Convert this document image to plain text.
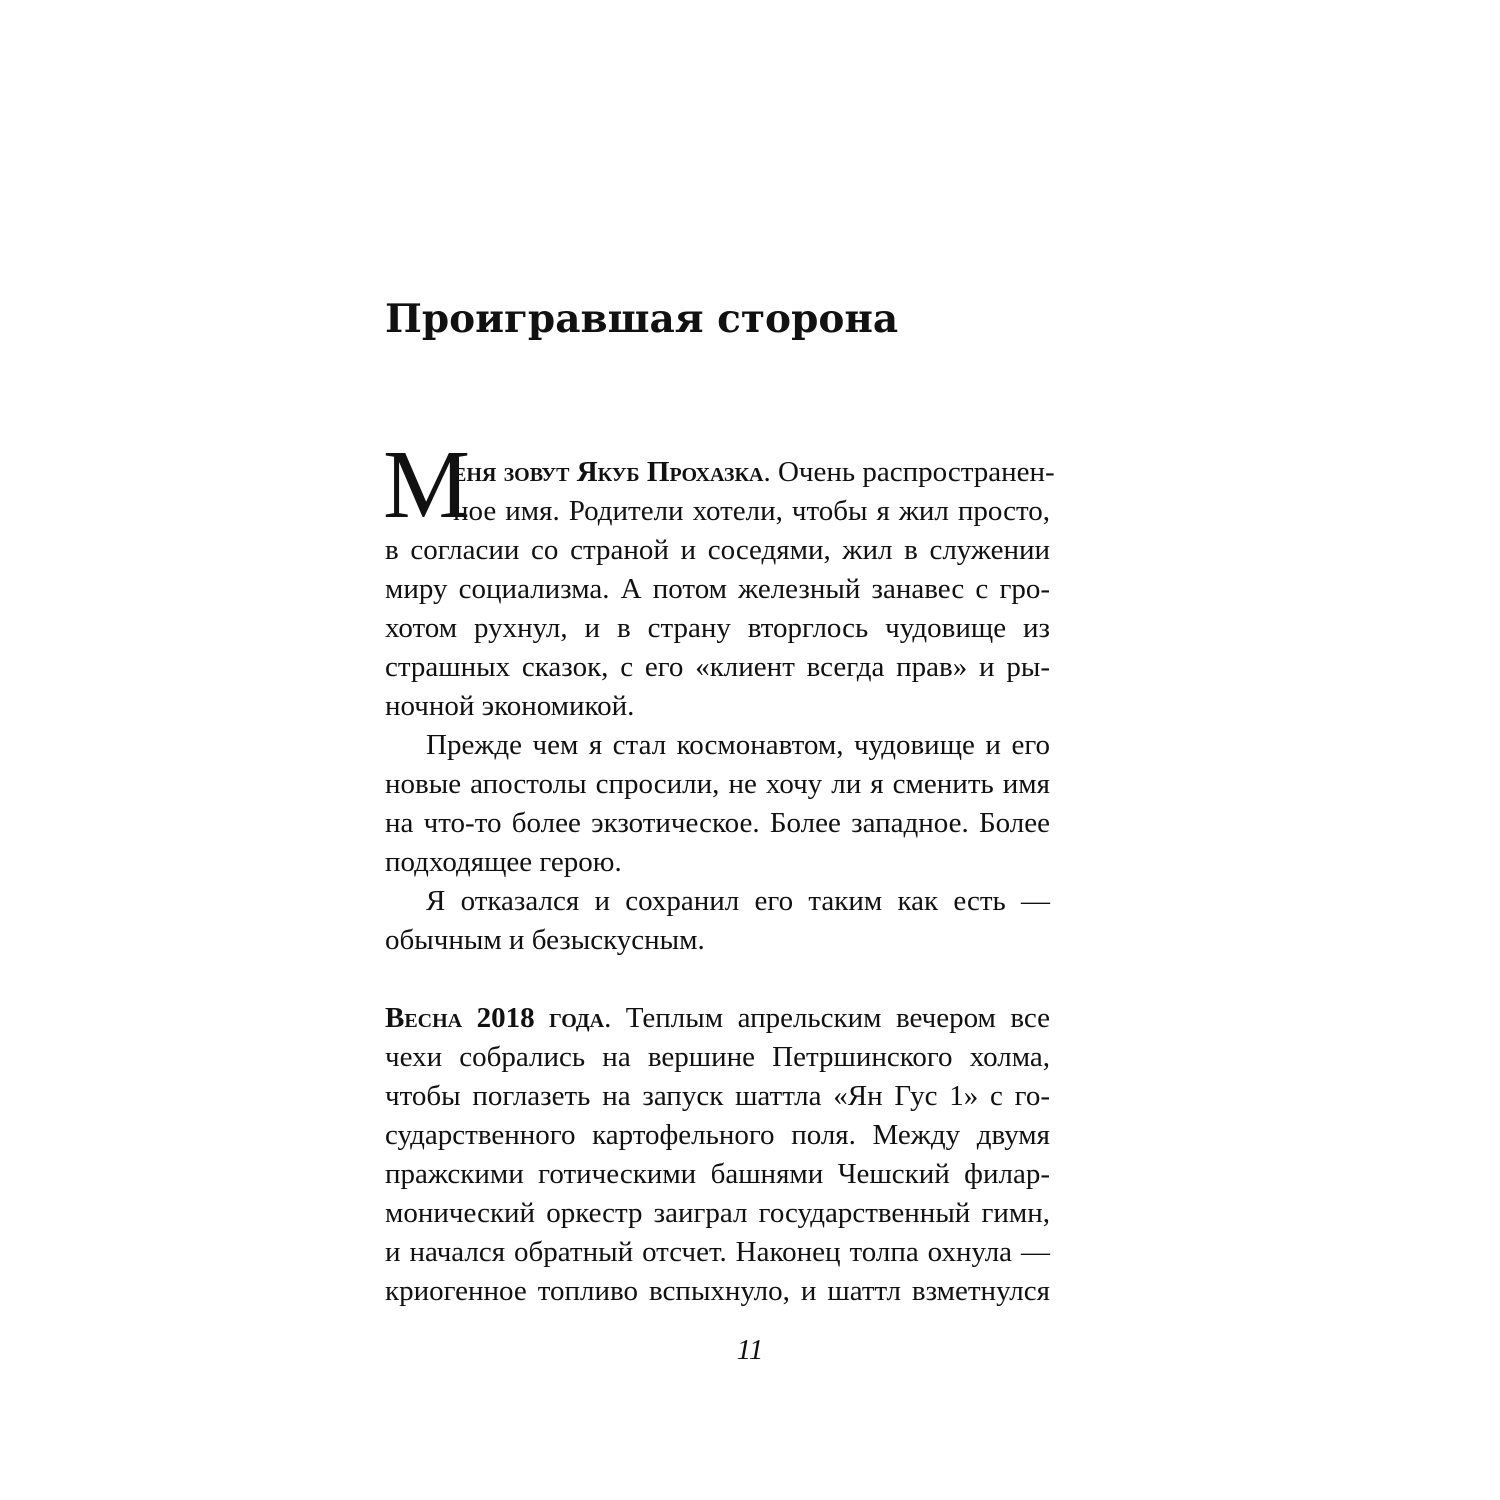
Проигравшая сторона
М
еня зовут Якуб Прохазка. Очень распространен-
ное имя. Родители хотели, чтобы я жил просто,
в согласии со страной и соседями, жил в служении
миру социализма. А потом железный занавес с гро-
хотом рухнул, и в страну вторглось чудовище из
страшных сказок, с его «клиент всегда прав» и ры-
ночной экономикой.
Прежде чем я стал космонавтом, чудовище и его
новые апостолы спросили, не хочу ли я сменить имя
на что-то более экзотическое. Более западное. Более
подходящее герою.
Я отказался и сохранил его таким как есть —
обычным и безыскусным.
Весна 2018 года. Теплым апрельским вечером все
чехи собрались на вершине Петршинского холма,
чтобы поглазеть на запуск шаттла «Ян Гус 1» с го-
сударственного картофельного поля. Между двумя
пражскими готическими башнями Чешский филар-
монический оркестр заиграл государственный гимн,
и начался обратный отсчет. Наконец толпа охнула —
криогенное топливо вспыхнуло, и шаттл взметнулся
11
